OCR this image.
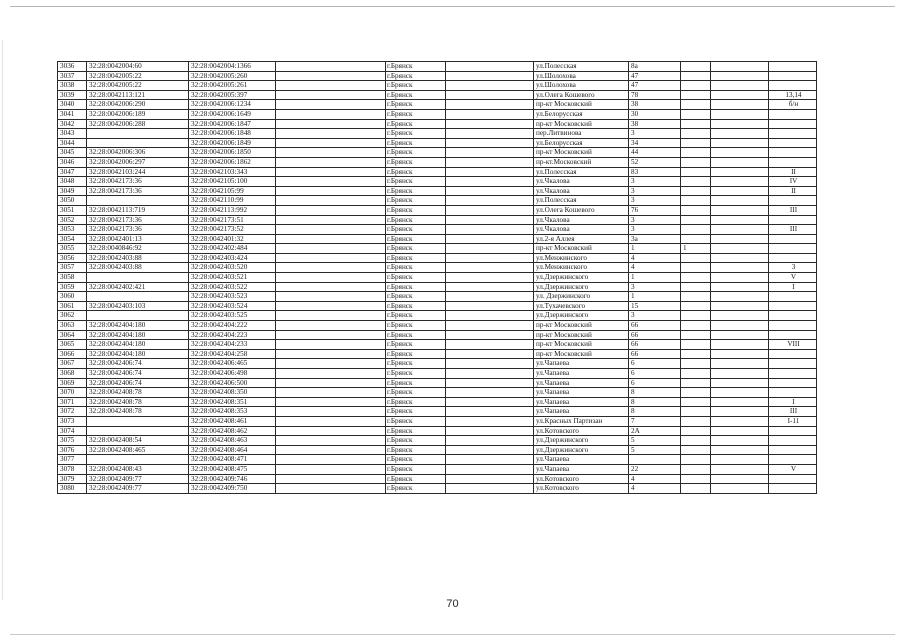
3036	32:28:0042004:60	32:28:0042004:1366		г.Брянск		ул.Полесская	8а			
3037	32:28:0042005:22	32:28:0042005:260		г.Брянск		ул.Шолохова	47			
3038	32:28:0042005:22	32:28:0042005:261		г.Брянск		ул.Шолохова	47			
3039	32:28:0042113:121	32:28:0042005:397		г.Брянск		ул.Олега Кошевого	78			13,14
3040	32:28:0042006:290	32:28:0042006:1234		г.Брянск		пр-кт Московский	38			б/н
3041	32:28:0042006:189	32:28:0042006:1649		г.Брянск		ул.Белорусская	30			
3042	32:28:0042006:288	32:28:0042006:1847		г.Брянск		пр-кт Московский	38			
3043		32:28:0042006:1848		г.Брянск		пер.Литвинова	3			
3044		32:28:0042006:1849		г.Брянск		ул.Белорусская	34			
3045	32:28:0042006:306	32:28:0042006:1850		г.Брянск		пр-кт Московский	44			
3046	32:28:0042006:297	32:28:0042006:1862		г.Брянск		пр-кт.Московский	52			
3047	32:28:0042103:244	32:28:0042103:343		г.Брянск		ул.Полесская	83			II
3048	32:28:0042173:36	32:28:0042105:100		г.Брянск		ул.Чкалова	3			IV
3049	32:28:0042173:36	32:28:0042105:99		г.Брянск		ул.Чкалова	3			II
3050		32:28:0042110:99		г.Брянск		ул.Полесская	3			
3051	32:28:0042113:719	32:28:0042113:992		г.Брянск		ул.Олега Кошевого	76			III
3052	32:28:0042173:36	32:28:0042173:51		г.Брянск		ул.Чкалова	3			
3053	32:28:0042173:36	32:28:0042173:52		г.Брянск		ул.Чкалова	3			III
3054	32:28:0042401:13	32:28:0042401:32		г.Брянск		ул.2-я Аллея	3а			
3055	32:28:0040846:92	32:28:0042402:484		г.Брянск		пр-кт Московский	1	1		
3056	32:28:0042403:88	32:28:0042403:424		г.Брянск		ул.Менжинского	4			
3057	32:28:0042403:88	32:28:0042403:520		г.Брянск		ул.Менжинского	4			3
3058		32:28:0042403:521		г.Брянск		ул.Дзержинского	1			V
3059	32:28:0042402:421	32:28:0042403:522		г.Брянск		ул.Дзержинского	3			I
3060		32:28:0042403:523		г.Брянск		ул. Дзержинского	1			
3061	32:28:0042403:103	32:28:0042403:524		г.Брянск		ул.Тухачевского	15			
3062		32:28:0042403:525		г.Брянск		ул.Дзержинского	3			
3063	32:28:0042404:180	32:28:0042404:222		г.Брянск		пр-кт Московский	66			
3064	32:28:0042404:180	32:28:0042404:223		г.Брянск		пр-кт Московский	66			
3065	32:28:0042404:180	32:28:0042404:233		г.Брянск		пр-кт Московский	66			VIII
3066	32:28:0042404:180	32:28:0042404:258		г.Брянск		пр-кт Московский	66			
3067	32:28:0042406:74	32:28:0042406:465		г.Брянск		ул.Чапаева	6			
3068	32:28:0042406:74	32:28:0042406:498		г.Брянск		ул.Чапаева	6			
3069	32:28:0042406:74	32:28:0042406:500		г.Брянск		ул.Чапаева	6			
3070	32:28:0042408:78	32:28:0042408:350		г.Брянск		ул.Чапаева	8			
3071	32:28:0042408:78	32:28:0042408:351		г.Брянск		ул.Чапаева	8			I
3072	32:28:0042408:78	32:28:0042408:353		г.Брянск		ул.Чапаева	8			III
3073		32:28:0042408:461		г.Брянск		ул.Красных Партизан	7			I-11
3074		32:28:0042408:462		г.Брянск		ул.Котовского	2А			
3075	32:28:0042408:54	32:28:0042408:463		г.Брянск		ул.Дзержинского	5			
3076	32:28:0042408:465	32:28:0042408:464		г.Брянск		ул.Дзержинского	5			
3077		32:28:0042408:471		г.Брянск		ул.Чапаева				
3078	32:28:0042408:43	32:28:0042408:475		г.Брянск		ул.Чапаева	22			V
3079	32:28:0042409:77	32:28:0042409:746		г.Брянск		ул.Котовского	4			
3080	32:28:0042409:77	32:28:0042409:750		г.Брянск		ул.Котовского	4			
70
